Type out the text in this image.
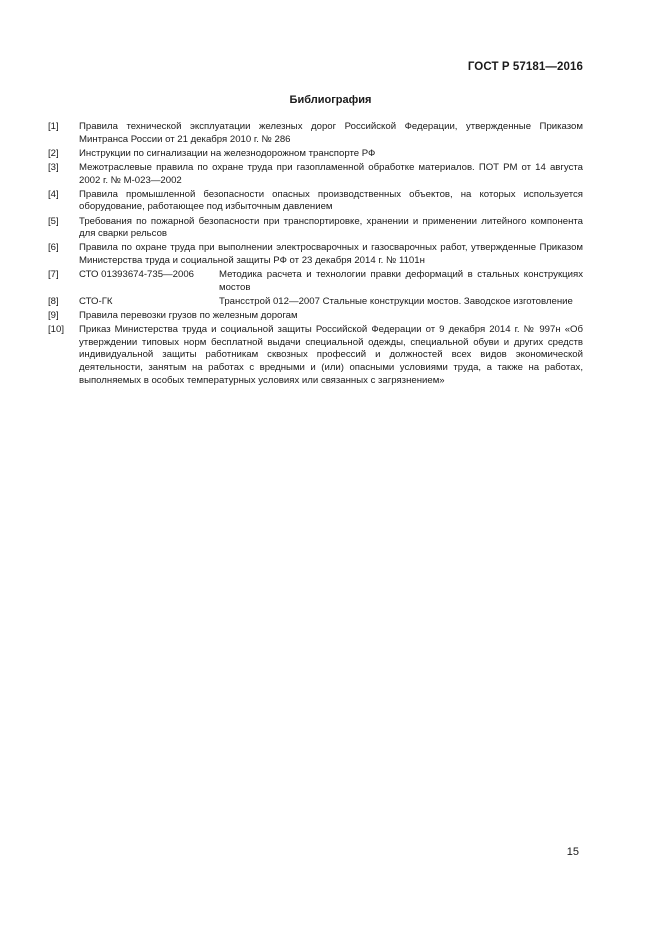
ГОСТ Р 57181—2016
Библиография
[1]	Правила технической эксплуатации железных дорог Российской Федерации, утвержденные Приказом Минтранса России от 21 декабря 2010 г. № 286
[2]	Инструкции по сигнализации на железнодорожном транспорте РФ
[3]	Межотраслевые правила по охране труда при газопламенной обработке материалов. ПОТ РМ от 14 августа 2002 г. № М-023—2002
[4]	Правила промышленной безопасности опасных производственных объектов, на которых используется оборудование, работающее под избыточным давлением
[5]	Требования по пожарной безопасности при транспортировке, хранении и применении литейного компонента для сварки рельсов
[6]	Правила по охране труда при выполнении электросварочных и газосварочных работ, утвержденные Приказом Министерства труда и социальной защиты РФ от 23 декабря 2014 г. № 1101н
[7]	СТО 01393674-735—2006	Методика расчета и технологии правки деформаций в стальных конструкциях мостов
[8]	СТО-ГК	Трансстрой 012—2007 Стальные конструкции мостов. Заводское изготовление
[9]	Правила перевозки грузов по железным дорогам
[10]	Приказ Министерства труда и социальной защиты Российской Федерации от 9 декабря 2014 г. № 997н «Об утверждении типовых норм бесплатной выдачи специальной одежды, специальной обуви и других средств индивидуальной защиты работникам сквозных профессий и должностей всех видов экономической деятельности, занятым на работах с вредными и (или) опасными условиями труда, а также на работах, выполняемых в особых температурных условиях или связанных с загрязнением»
15
